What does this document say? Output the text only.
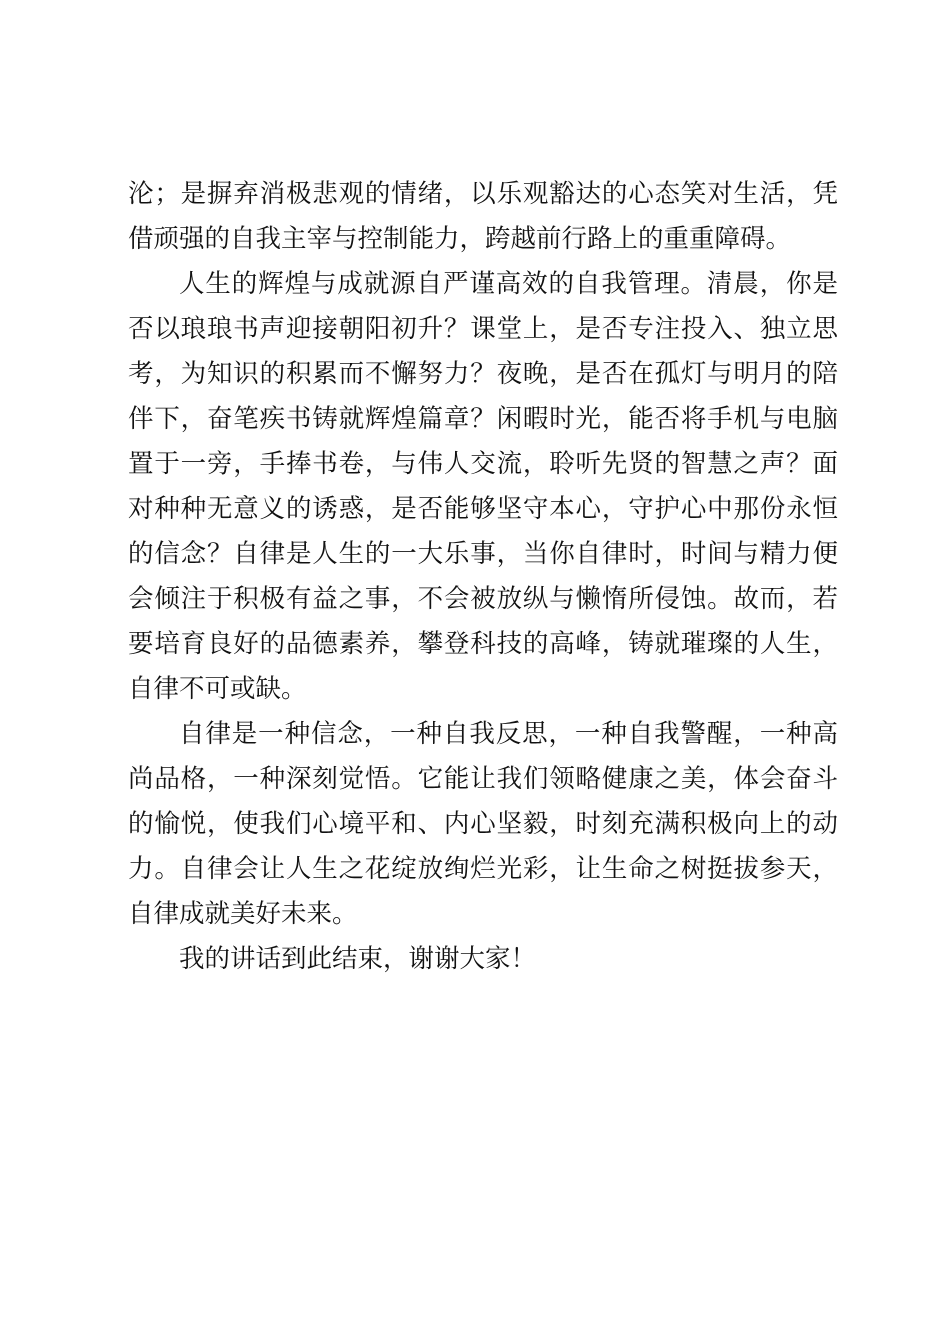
沦；是摒弃消极悲观的情绪，以乐观豁达的心态笑对生活，凭
借顽强的自我主宰与控制能力，跨越前行路上的重重障碍。
人生的辉煌与成就源自严谨高效的自我管理。清晨，你是
否以琅琅书声迎接朝阳初升？课堂上，是否专注投入、独立思
考，为知识的积累而不懈努力？夜晚，是否在孤灯与明月的陪
伴下，奋笔疾书铸就辉煌篇章？闲暇时光，能否将手机与电脑
置于一旁，手捧书卷，与伟人交流，聆听先贤的智慧之声？面
对种种无意义的诱惑，是否能够坚守本心，守护心中那份永恒
的信念？自律是人生的一大乐事，当你自律时，时间与精力便
会倾注于积极有益之事，不会被放纵与懒惰所侵蚀。故而，若
要培育良好的品德素养，攀登科技的高峰，铸就璀璨的人生，
自律不可或缺。
自律是一种信念，一种自我反思，一种自我警醒，一种高
尚品格，一种深刻觉悟。它能让我们领略健康之美，体会奋斗
的愉悦，使我们心境平和、内心坚毅，时刻充满积极向上的动
力。自律会让人生之花绽放绚烂光彩，让生命之树挺拔参天，
自律成就美好未来。
我的讲话到此结束，谢谢大家！
